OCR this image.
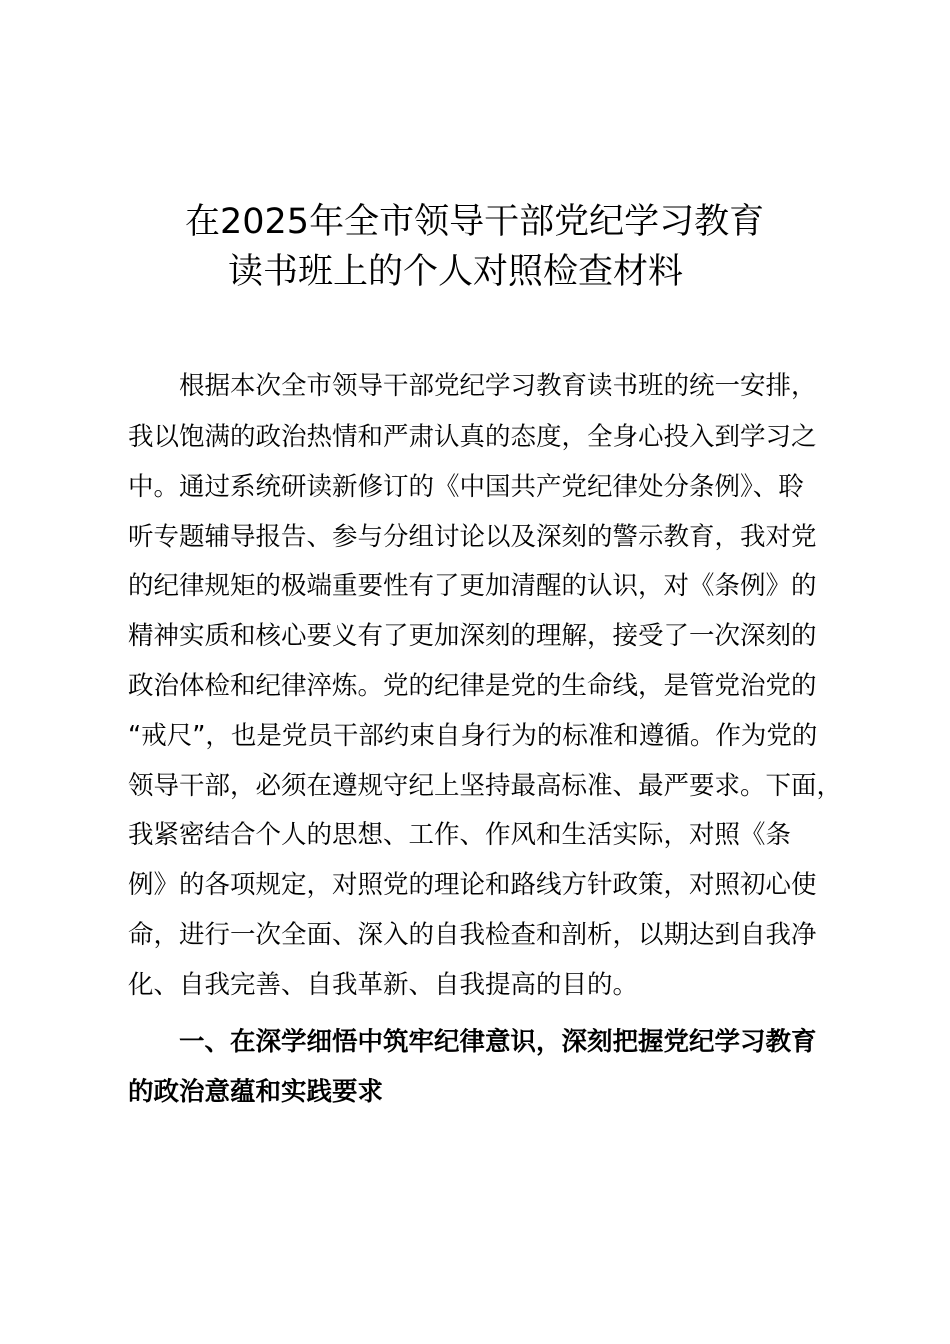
在2025年全市领导干部党纪学习教育
读书班上的个人对照检查材料
　　根据本次全市领导干部党纪学习教育读书班的统一安排，
我以饱满的政治热情和严肃认真的态度，全身心投入到学习之
中。通过系统研读新修订的《中国共产党纪律处分条例》、聆
听专题辅导报告、参与分组讨论以及深刻的警示教育，我对党
的纪律规矩的极端重要性有了更加清醒的认识，对《条例》的
精神实质和核心要义有了更加深刻的理解，接受了一次深刻的
政治体检和纪律淬炼。党的纪律是党的生命线，是管党治党的
“戒尺”，也是党员干部约束自身行为的标准和遵循。作为党的
领导干部，必须在遵规守纪上坚持最高标准、最严要求。下面，
我紧密结合个人的思想、工作、作风和生活实际，对照《条
例》的各项规定，对照党的理论和路线方针政策，对照初心使
命，进行一次全面、深入的自我检查和剖析，以期达到自我净
化、自我完善、自我革新、自我提高的目的。
　　一、在深学细悟中筑牢纪律意识，深刻把握党纪学习教育
的政治意蕴和实践要求
